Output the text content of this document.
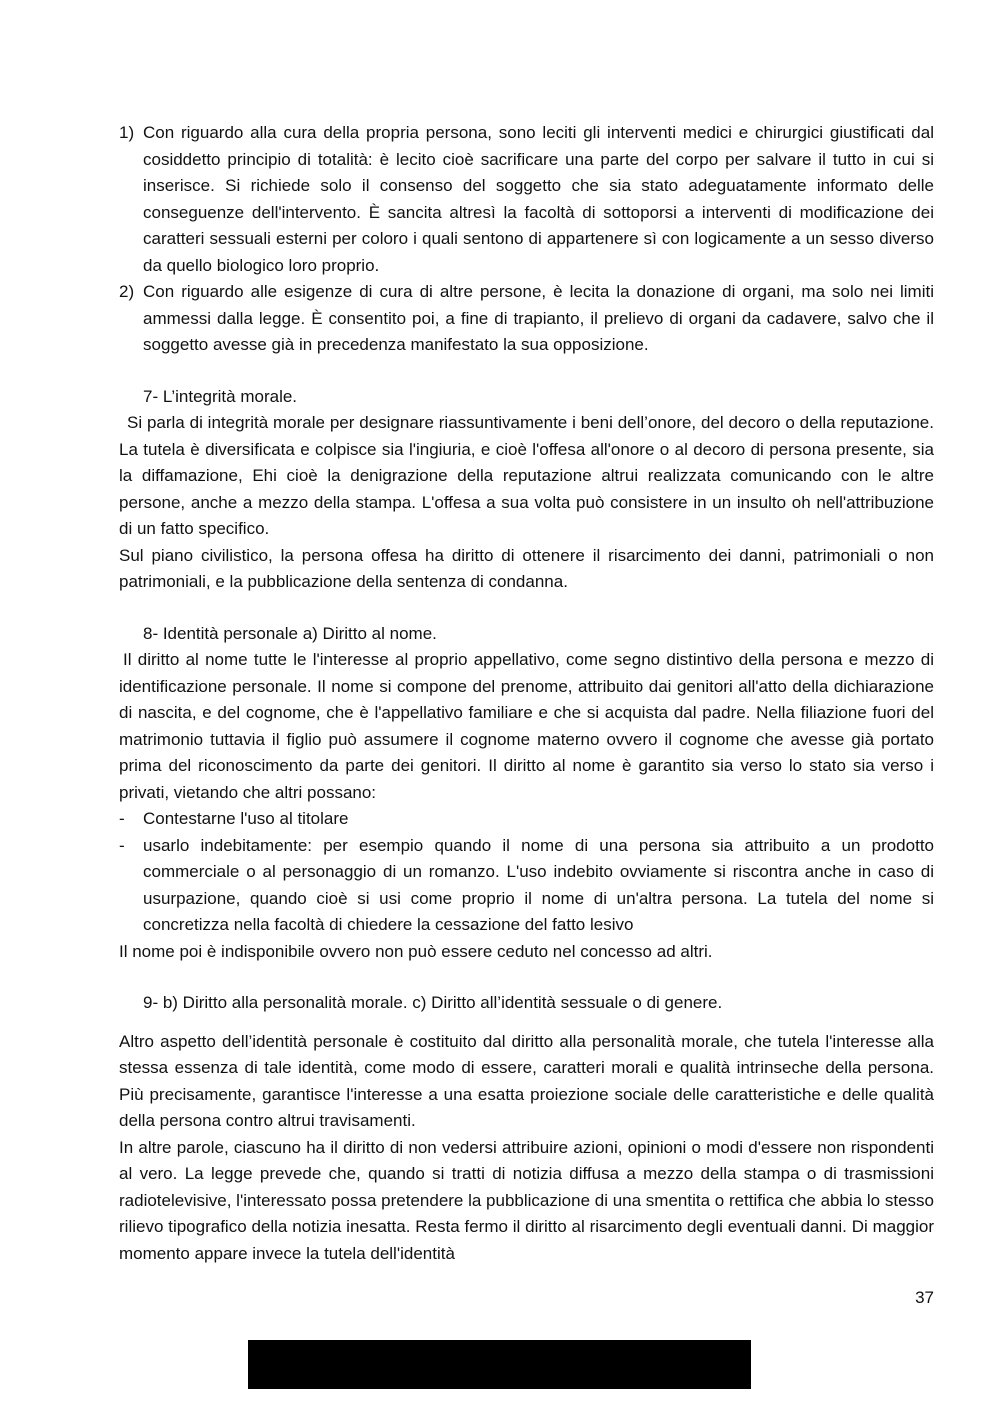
1) Con riguardo alla cura della propria persona, sono leciti gli interventi medici e chirurgici giustificati dal cosiddetto principio di totalità: è lecito cioè sacrificare una parte del corpo per salvare il tutto in cui si inserisce. Si richiede solo il consenso del soggetto che sia stato adeguatamente informato delle conseguenze dell'intervento. È sancita altresì la facoltà di sottoporsi a interventi di modificazione dei caratteri sessuali esterni per coloro i quali sentono di appartenere sì con logicamente a un sesso diverso da quello biologico loro proprio.
2) Con riguardo alle esigenze di cura di altre persone, è lecita la donazione di organi, ma solo nei limiti ammessi dalla legge. È consentito poi, a fine di trapianto, il prelievo di organi da cadavere, salvo che il soggetto avesse già in precedenza manifestato la sua opposizione.

7- L’integrità morale.

Si parla di integrità morale per designare riassuntivamente i beni dell’onore, del decoro o della reputazione. La tutela è diversificata e colpisce sia l'ingiuria, e cioè l'offesa all'onore o al decoro di persona presente, sia la diffamazione, Ehi cioè la denigrazione della reputazione altrui realizzata comunicando con le altre persone, anche a mezzo della stampa. L'offesa a sua volta può consistere in un insulto oh nell'attribuzione di un fatto specifico.

Sul piano civilistico, la persona offesa ha diritto di ottenere il risarcimento dei danni, patrimoniali o non patrimoniali, e la pubblicazione della sentenza di condanna.

8- Identità personale a) Diritto al nome.

Il diritto al nome tutte le l'interesse al proprio appellativo, come segno distintivo della persona e mezzo di identificazione personale. Il nome si compone del prenome, attribuito dai genitori all'atto della dichiarazione di nascita, e del cognome, che è l'appellativo familiare e che si acquista dal padre. Nella filiazione fuori del matrimonio tuttavia il figlio può assumere il cognome materno ovvero il cognome che avesse già portato prima del riconoscimento da parte dei genitori. Il diritto al nome è garantito sia verso lo stato sia verso i privati, vietando che altri possano:

-	Contestarne l'uso al titolare
-	usarlo indebitamente: per esempio quando il nome di una persona sia attribuito a un prodotto commerciale o al personaggio di un romanzo. L'uso indebito ovviamente si riscontra anche in caso di usurpazione, quando cioè si usi come proprio il nome di un'altra persona. La tutela del nome si concretizza nella facoltà di chiedere la cessazione del fatto lesivo

Il nome poi è indisponibile ovvero non può essere ceduto nel concesso ad altri.

9- b) Diritto alla personalità morale. c) Diritto all’identità sessuale o di genere.

Altro aspetto dell’identità personale è costituito dal diritto alla personalità morale, che tutela l'interesse alla stessa essenza di tale identità, come modo di essere, caratteri morali e qualità intrinseche della persona. Più precisamente, garantisce l'interesse a una esatta proiezione sociale delle caratteristiche e delle qualità della persona contro altrui travisamenti.

In altre parole, ciascuno ha il diritto di non vedersi attribuire azioni, opinioni o modi d'essere non rispondenti al vero. La legge prevede che, quando si tratti di notizia diffusa a mezzo della stampa o di trasmissioni radiotelevisive, l'interessato possa pretendere la pubblicazione di una smentita o rettifica che abbia lo stesso rilievo tipografico della notizia inesatta. Resta fermo il diritto al risarcimento degli eventuali danni. Di maggior momento appare invece la tutela dell'identità

37
